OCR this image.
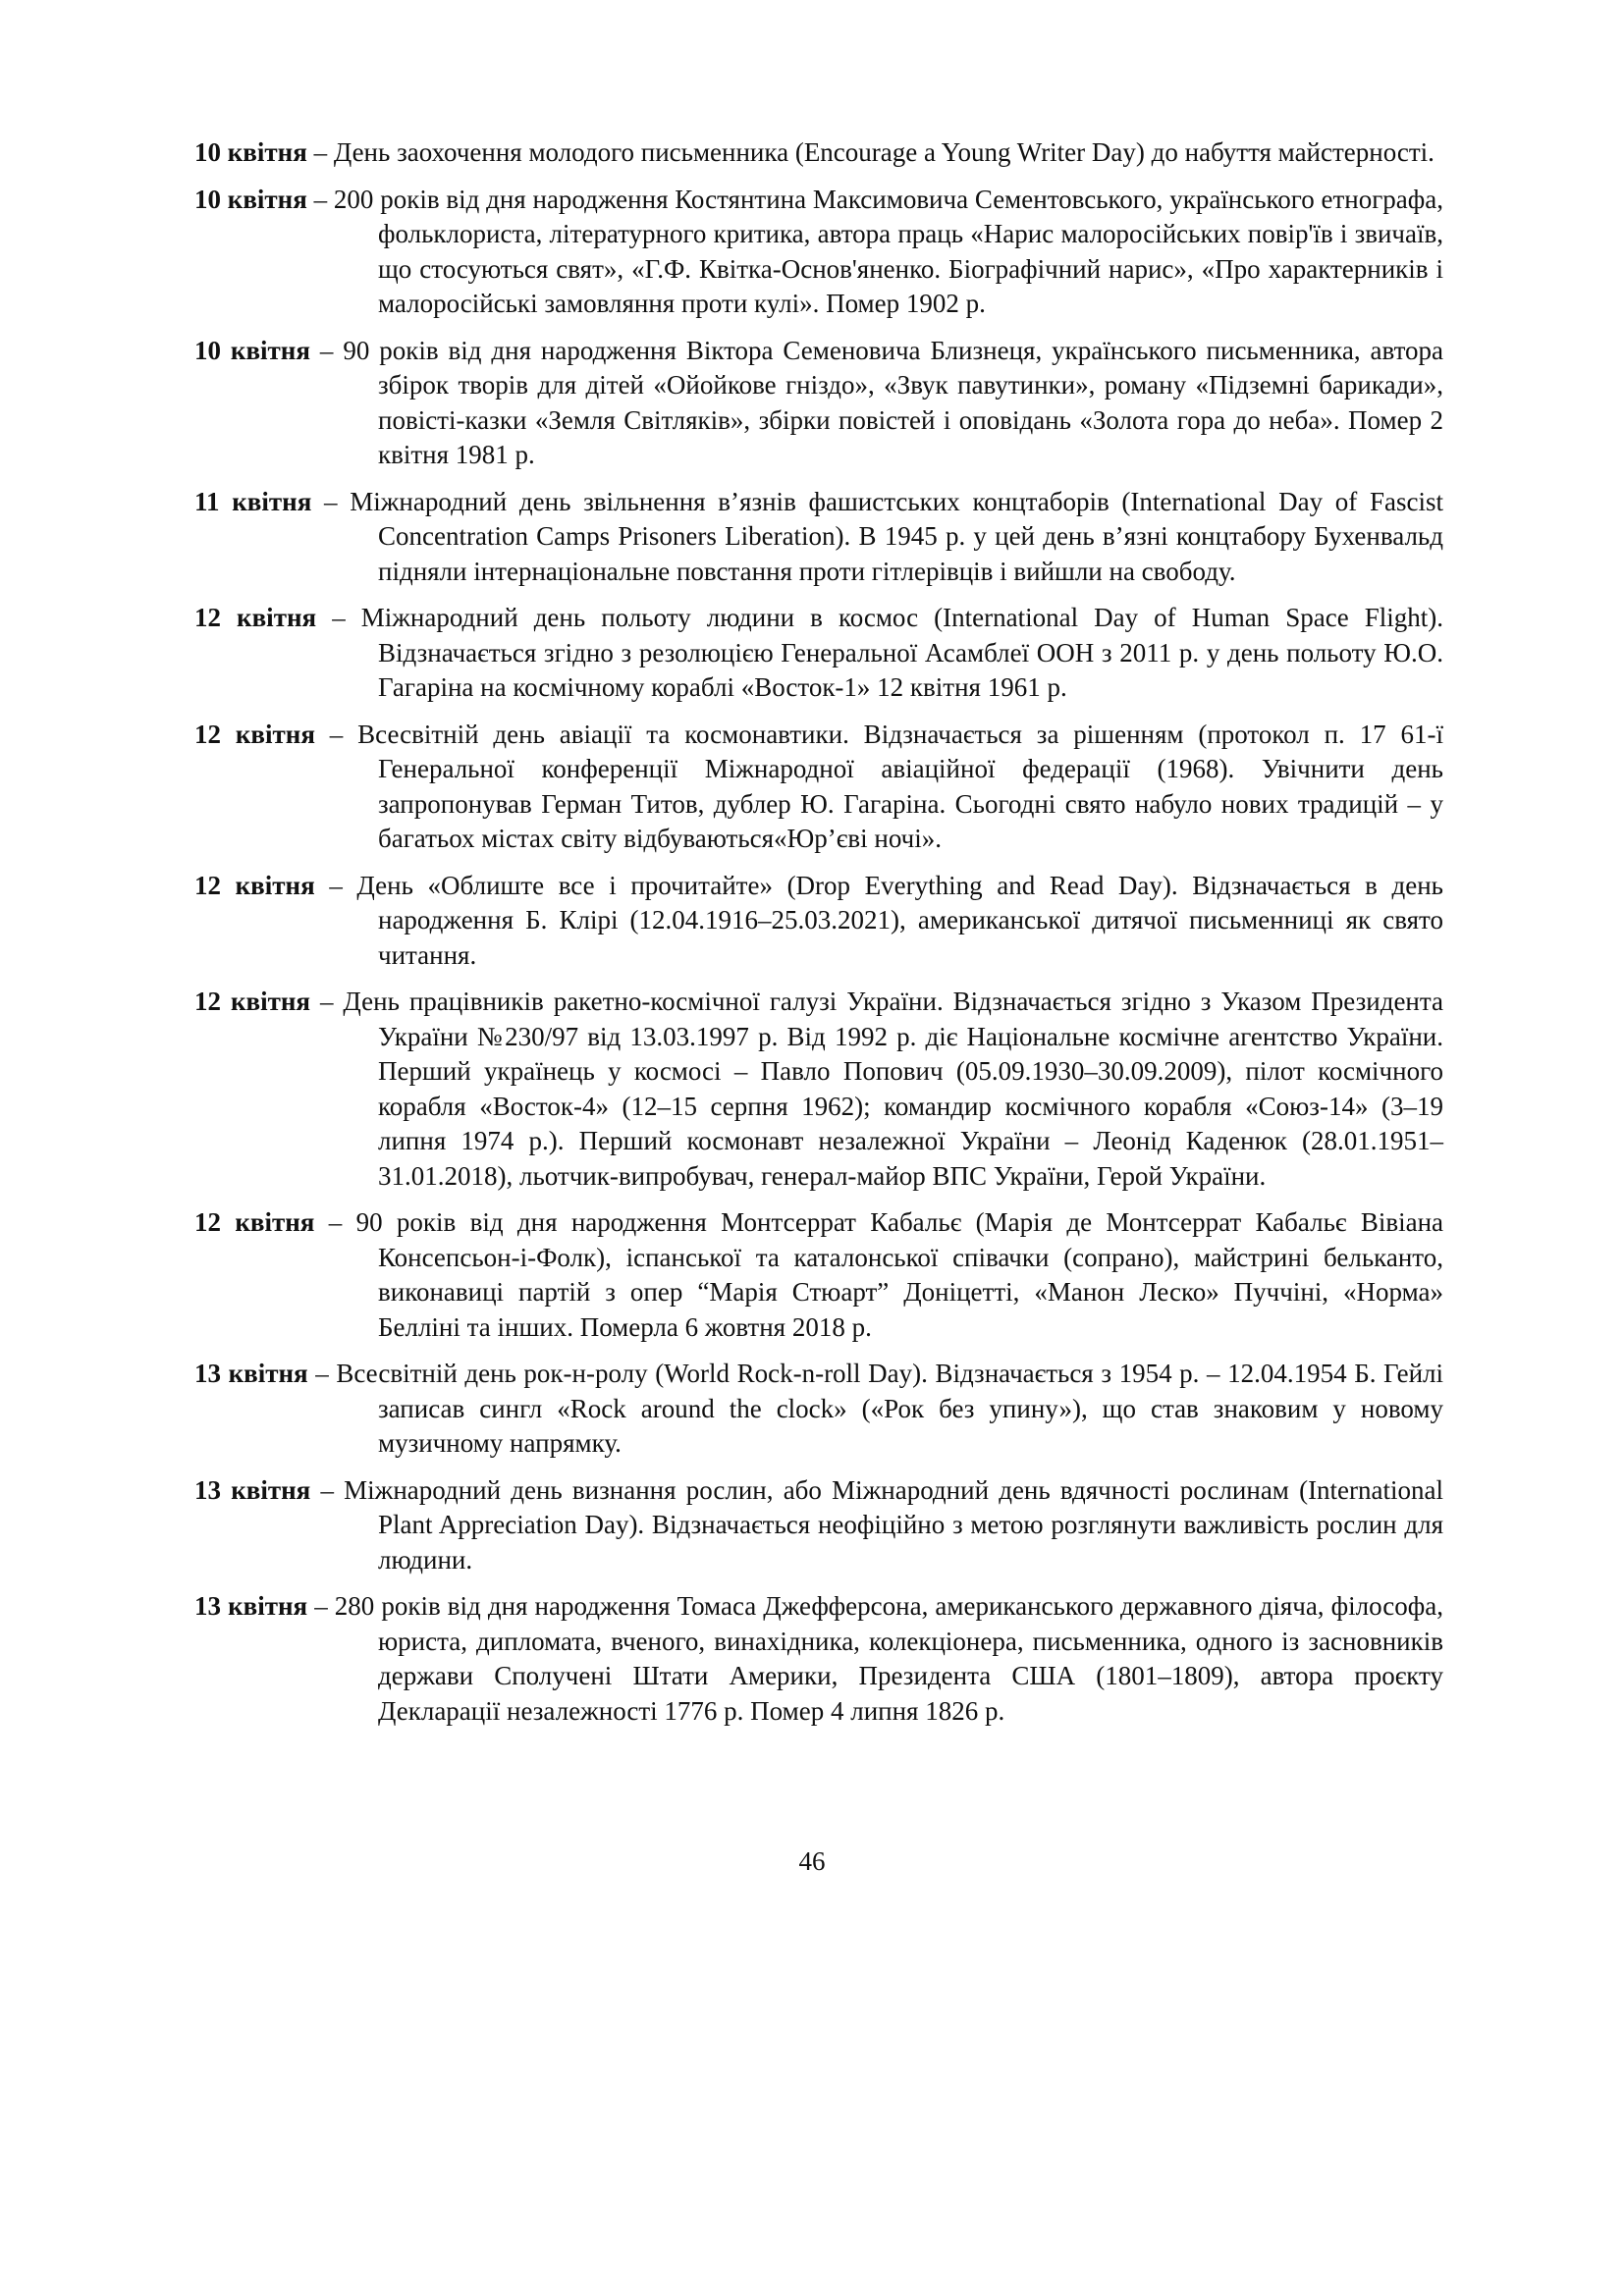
10 квітня – День заохочення молодого письменника (Encourage a Young Writer Day) до набуття майстерності.

10 квітня – 200 років від дня народження Костянтина Максимовича Сементовського, українського етнографа, фольклориста, літературного критика, автора праць «Нарис малоросійських повір'їв і звичаїв, що стосуються свят», «Г.Ф. Квітка-Основ'яненко. Біографічний нарис», «Про характерників і малоросійські замовляння проти кулі». Помер 1902 р.

10 квітня – 90 років від дня народження Віктора Семеновича Близнеця, українського письменника, автора збірок творів для дітей «Ойойкове гніздо», «Звук павутинки», роману «Підземні барикади», повісті-казки «Земля Світляків», збірки повістей і оповідань «Золота гора до неба». Помер 2 квітня 1981 р.

11 квітня – Міжнародний день звільнення в’язнів фашистських концтаборів (International Day of Fascist Concentration Camps Prisoners Liberation). В 1945 р. у цей день в’язні концтабору Бухенвальд підняли інтернаціональне повстання проти гітлерівців і вийшли на свободу.

12 квітня – Міжнародний день польоту людини в космос (International Day of Human Space Flight). Відзначається згідно з резолюцією Генеральної Асамблеї ООН з 2011 р. у день польоту Ю.О. Гагаріна на космічному кораблі «Восток-1» 12 квітня 1961 р.

12 квітня – Всесвітній день авіації та космонавтики. Відзначається за рішенням (протокол п. 17 61-ї Генеральної конференції Міжнародної авіаційної федерації (1968). Увічнити день запропонував Герман Титов, дублер Ю. Гагаріна. Сьогодні свято набуло нових традицій – у багатьох містах світу відбуваються«Юр’єві ночі».

12 квітня – День «Облиште все і прочитайте» (Drop Everything and Read Day). Відзначається в день народження Б. Клірі (12.04.1916–25.03.2021), американської дитячої письменниці як свято читання.

12 квітня – День працівників ракетно-космічної галузі України. Відзначається згідно з Указом Президента України №230/97 від 13.03.1997 р. Від 1992 р. діє Національне космічне агентство України. Перший українець у космосі – Павло Попович (05.09.1930–30.09.2009), пілот космічного корабля «Восток-4» (12–15 серпня 1962); командир космічного корабля «Союз-14» (3–19 липня 1974 р.). Перший космонавт незалежної України – Леонід Каденюк (28.01.1951–31.01.2018), льотчик-випробувач, генерал-майор ВПС України, Герой України.

12 квітня – 90 років від дня народження Монтсеррат Кабальє (Марія де Монтсеррат Кабальє Вівіана Консепсьон-і-Фолк), іспанської та каталонської співачки (сопрано), майстрині бельканто, виконавиці партій з опер “Марія Стюарт” Доніцетті, «Манон Леско» Пуччіні, «Норма» Белліні та інших. Померла 6 жовтня 2018 р.

13 квітня – Всесвітній день рок-н-ролу (World Rock-n-roll Day). Відзначається з 1954 р. – 12.04.1954 Б. Гейлі записав сингл «Rock around the clock» («Рок без упину»), що став знаковим у новому музичному напрямку.

13 квітня – Міжнародний день визнання рослин, або Міжнародний день вдячності рослинам (International Plant Appreciation Day). Відзначається неофіційно з метою розглянути важливість рослин для людини.

13 квітня – 280 років від дня народження Томаса Джефферсона, американського державного діяча, філософа, юриста, дипломата, вченого, винахідника, колекціонера, письменника, одного із засновників держави Сполучені Штати Америки, Президента США (1801–1809), автора проєкту Декларації незалежності 1776 р. Помер 4 липня 1826 р.

46
